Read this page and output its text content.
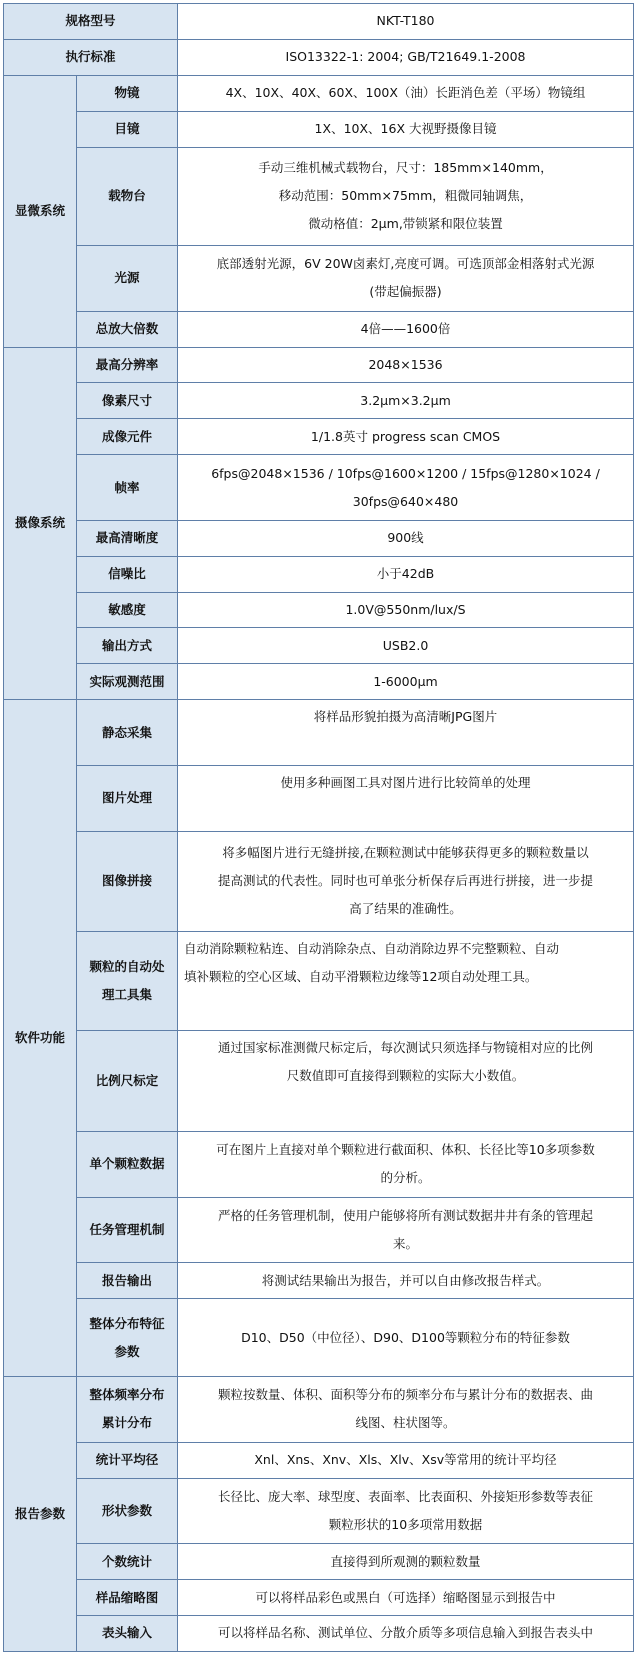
规格型号		NKT-T180
执行标准		ISO13322-1: 2004; GB/T21649.1-2008
显微系统	物镜	4X、10X、40X、60X、100X（油）长距消色差（平场）物镜组
	目镜	1X、10X、16X 大视野摄像目镜
	载物台	手动三维机械式载物台，尺寸：185mm×140mm，
移动范围：50mm×75mm，粗微同轴调焦，
微动格值：2μm,带锁紧和限位装置

	光源	底部透射光源，6V 20W卤素灯,亮度可调。可选顶部金相落射式光源
(带起偏振器)

	总放大倍数	4倍——1600倍
摄像系统	最高分辨率	2048×1536
	像素尺寸	3.2μm×3.2μm
	成像元件	1/1.8英寸 progress scan CMOS
	帧率	6fps@2048×1536 / 10fps@1600×1200 / 15fps@1280×1024 /
30fps@640×480

	最高清晰度	900线
	信噪比	小于42dB
	敏感度	1.0V@550nm/lux/S
	输出方式	USB2.0
	实际观测范围	1-6000μm
软件功能	静态采集	将样品形貌拍摄为高清晰JPG图片
	图片处理	使用多种画图工具对图片进行比较简单的处理
	图像拼接	将多幅图片进行无缝拼接,在颗粒测试中能够获得更多的颗粒数量以
提高测试的代表性。同时也可单张分析保存后再进行拼接，进一步提
高了结果的准确性。

	颗粒的自动处
理工具集	自动消除颗粒粘连、自动消除杂点、自动消除边界不完整颗粒、自动
填补颗粒的空心区域、自动平滑颗粒边缘等12项自动处理工具。

	比例尺标定	通过国家标准测微尺标定后，每次测试只须选择与物镜相对应的比例
尺数值即可直接得到颗粒的实际大小数值。

	单个颗粒数据	可在图片上直接对单个颗粒进行截面积、体积、长径比等10多项参数
的分析。

	任务管理机制	严格的任务管理机制，使用户能够将所有测试数据井井有条的管理起
来。

	报告输出	将测试结果输出为报告，并可以自由修改报告样式。

	整体分布特征
参数	D10、D50（中位径）、D90、D100等颗粒分布的特征参数
报告参数	整体频率分布
累计分布	颗粒按数量、体积、面积等分布的频率分布与累计分布的数据表、曲
线图、柱状图等。

	统计平均径	Xnl、Xns、Xnv、Xls、Xlv、Xsv等常用的统计平均径
	形状参数	长径比、庞大率、球型度、表面率、比表面积、外接矩形参数等表征
颗粒形状的10多项常用数据

	个数统计	直接得到所观测的颗粒数量
	样品缩略图	可以将样品彩色或黑白（可选择）缩略图显示到报告中
	表头输入	可以将样品名称、测试单位、分散介质等多项信息输入到报告表头中
